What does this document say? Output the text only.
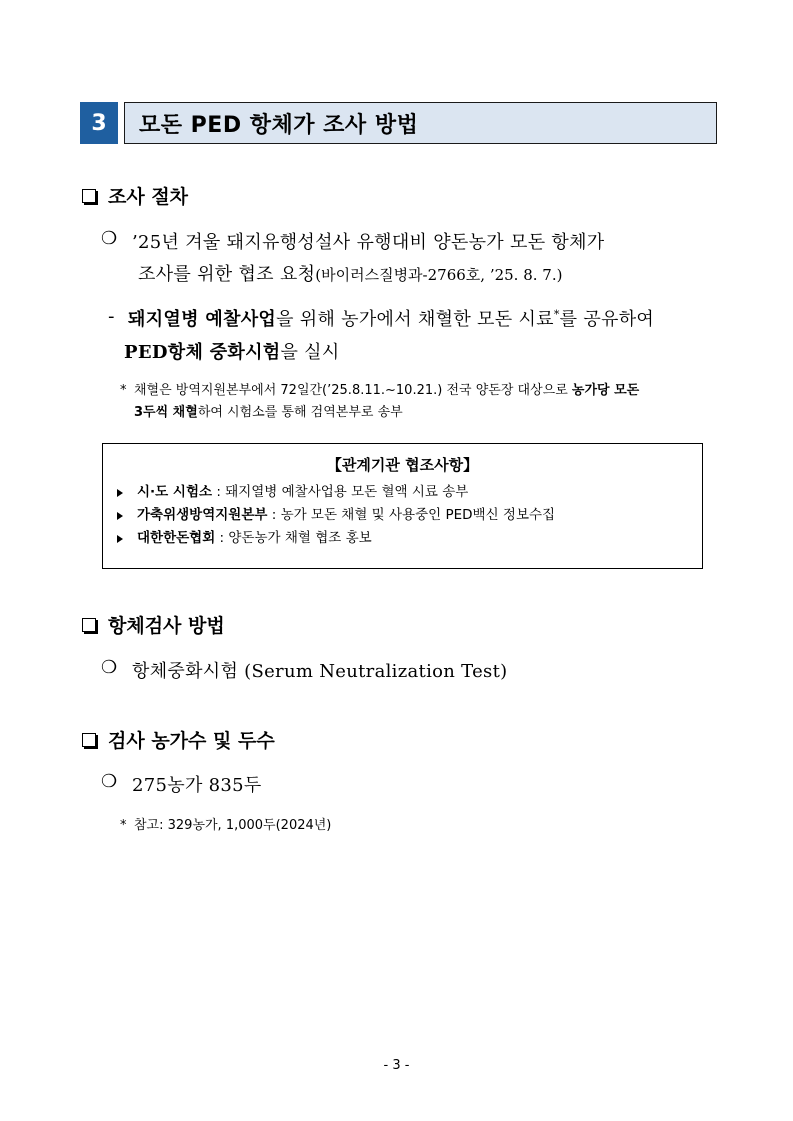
3	모돈 PED 항체가 조사 방법
조사 절차
❍ ’25년 겨울 돼지유행성설사 유행대비 양돈농가 모돈 항체가
조사를 위한 협조 요청(바이러스질병과-2766호, ’25. 8. 7.)
- 돼지열병 예찰사업을 위해 농가에서 채혈한 모돈 시료*를 공유하여
PED항체 중화시험을 실시
* 채혈은 방역지원본부에서 72일간(’25.8.11.~10.21.) 전국 양돈장 대상으로 농가당 모돈
3두씩 채혈하여 시험소를 통해 검역본부로 송부
【관계기관 협조사항】
시·도 시험소 : 돼지열병 예찰사업용 모돈 혈액 시료 송부
가축위생방역지원본부 : 농가 모돈 채혈 및 사용중인 PED백신 정보수집
대한한돈협회 : 양돈농가 채혈 협조 홍보
항체검사 방법
❍ 항체중화시험 (Serum Neutralization Test)
검사 농가수 및 두수
❍ 275농가 835두
* 참고: 329농가, 1,000두(2024년)
- 3 -
